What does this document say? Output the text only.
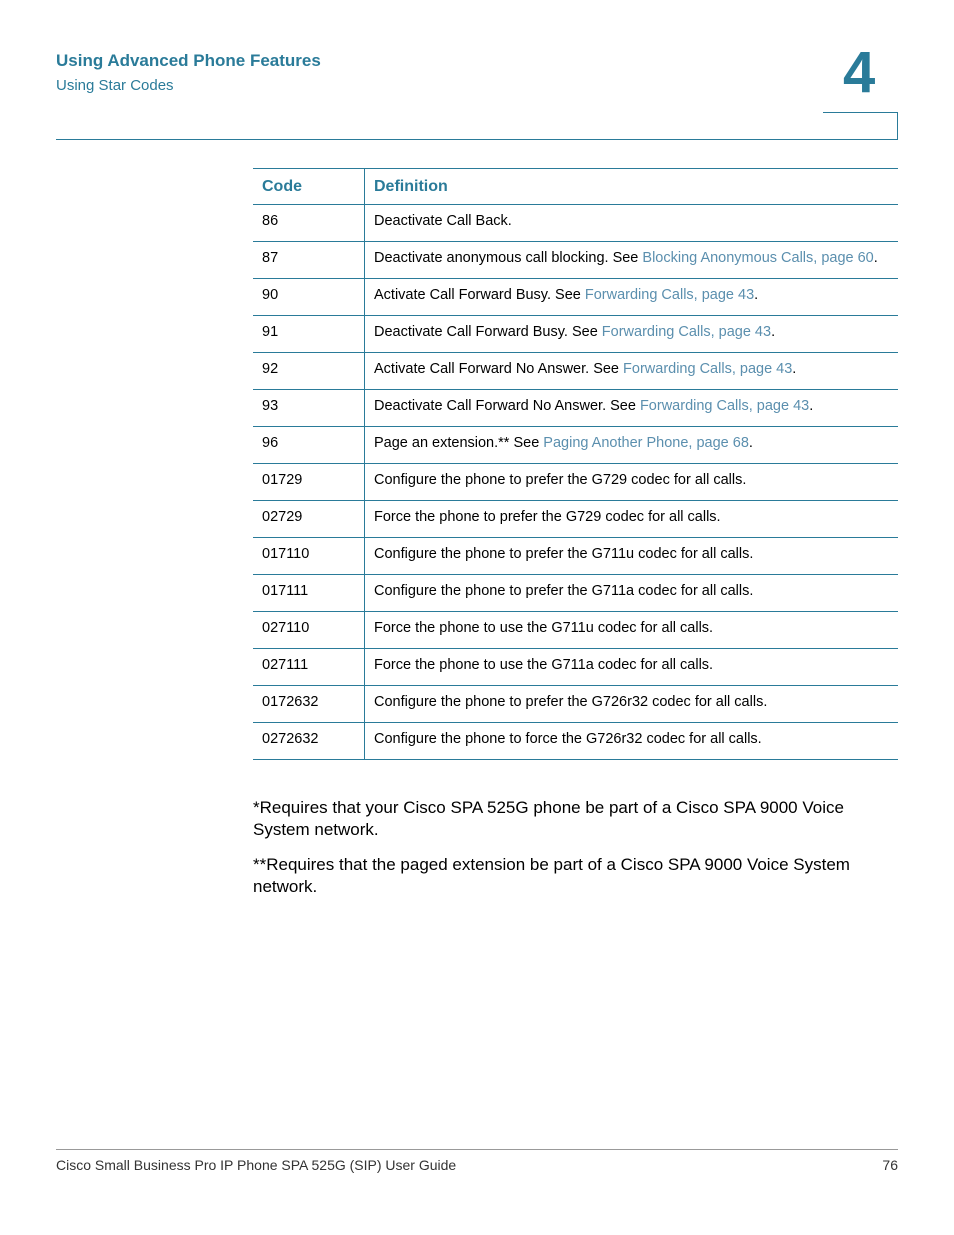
Using Advanced Phone Features
Using Star Codes	4
Code	Definition
86	Deactivate Call Back.
87	Deactivate anonymous call blocking. See Blocking Anonymous Calls, page 60.
90	Activate Call Forward Busy. See Forwarding Calls, page 43.
91	Deactivate Call Forward Busy. See Forwarding Calls, page 43.
92	Activate Call Forward No Answer. See Forwarding Calls, page 43.
93	Deactivate Call Forward No Answer. See Forwarding Calls, page 43.
96	Page an extension.** See Paging Another Phone, page 68.
01729	Configure the phone to prefer the G729 codec for all calls.
02729	Force the phone to prefer the G729 codec for all calls.
017110	Configure the phone to prefer the G711u codec for all calls.
017111	Configure the phone to prefer the G711a codec for all calls.
027110	Force the phone to use the G711u codec for all calls.
027111	Force the phone to use the G711a codec for all calls.
0172632	Configure the phone to prefer the G726r32 codec for all calls.
0272632	Configure the phone to force the G726r32 codec for all calls.

*Requires that your Cisco SPA 525G phone be part of a Cisco SPA 9000 Voice System network.

**Requires that the paged extension be part of a Cisco SPA 9000 Voice System network.

Cisco Small Business Pro IP Phone SPA 525G (SIP) User Guide	76
